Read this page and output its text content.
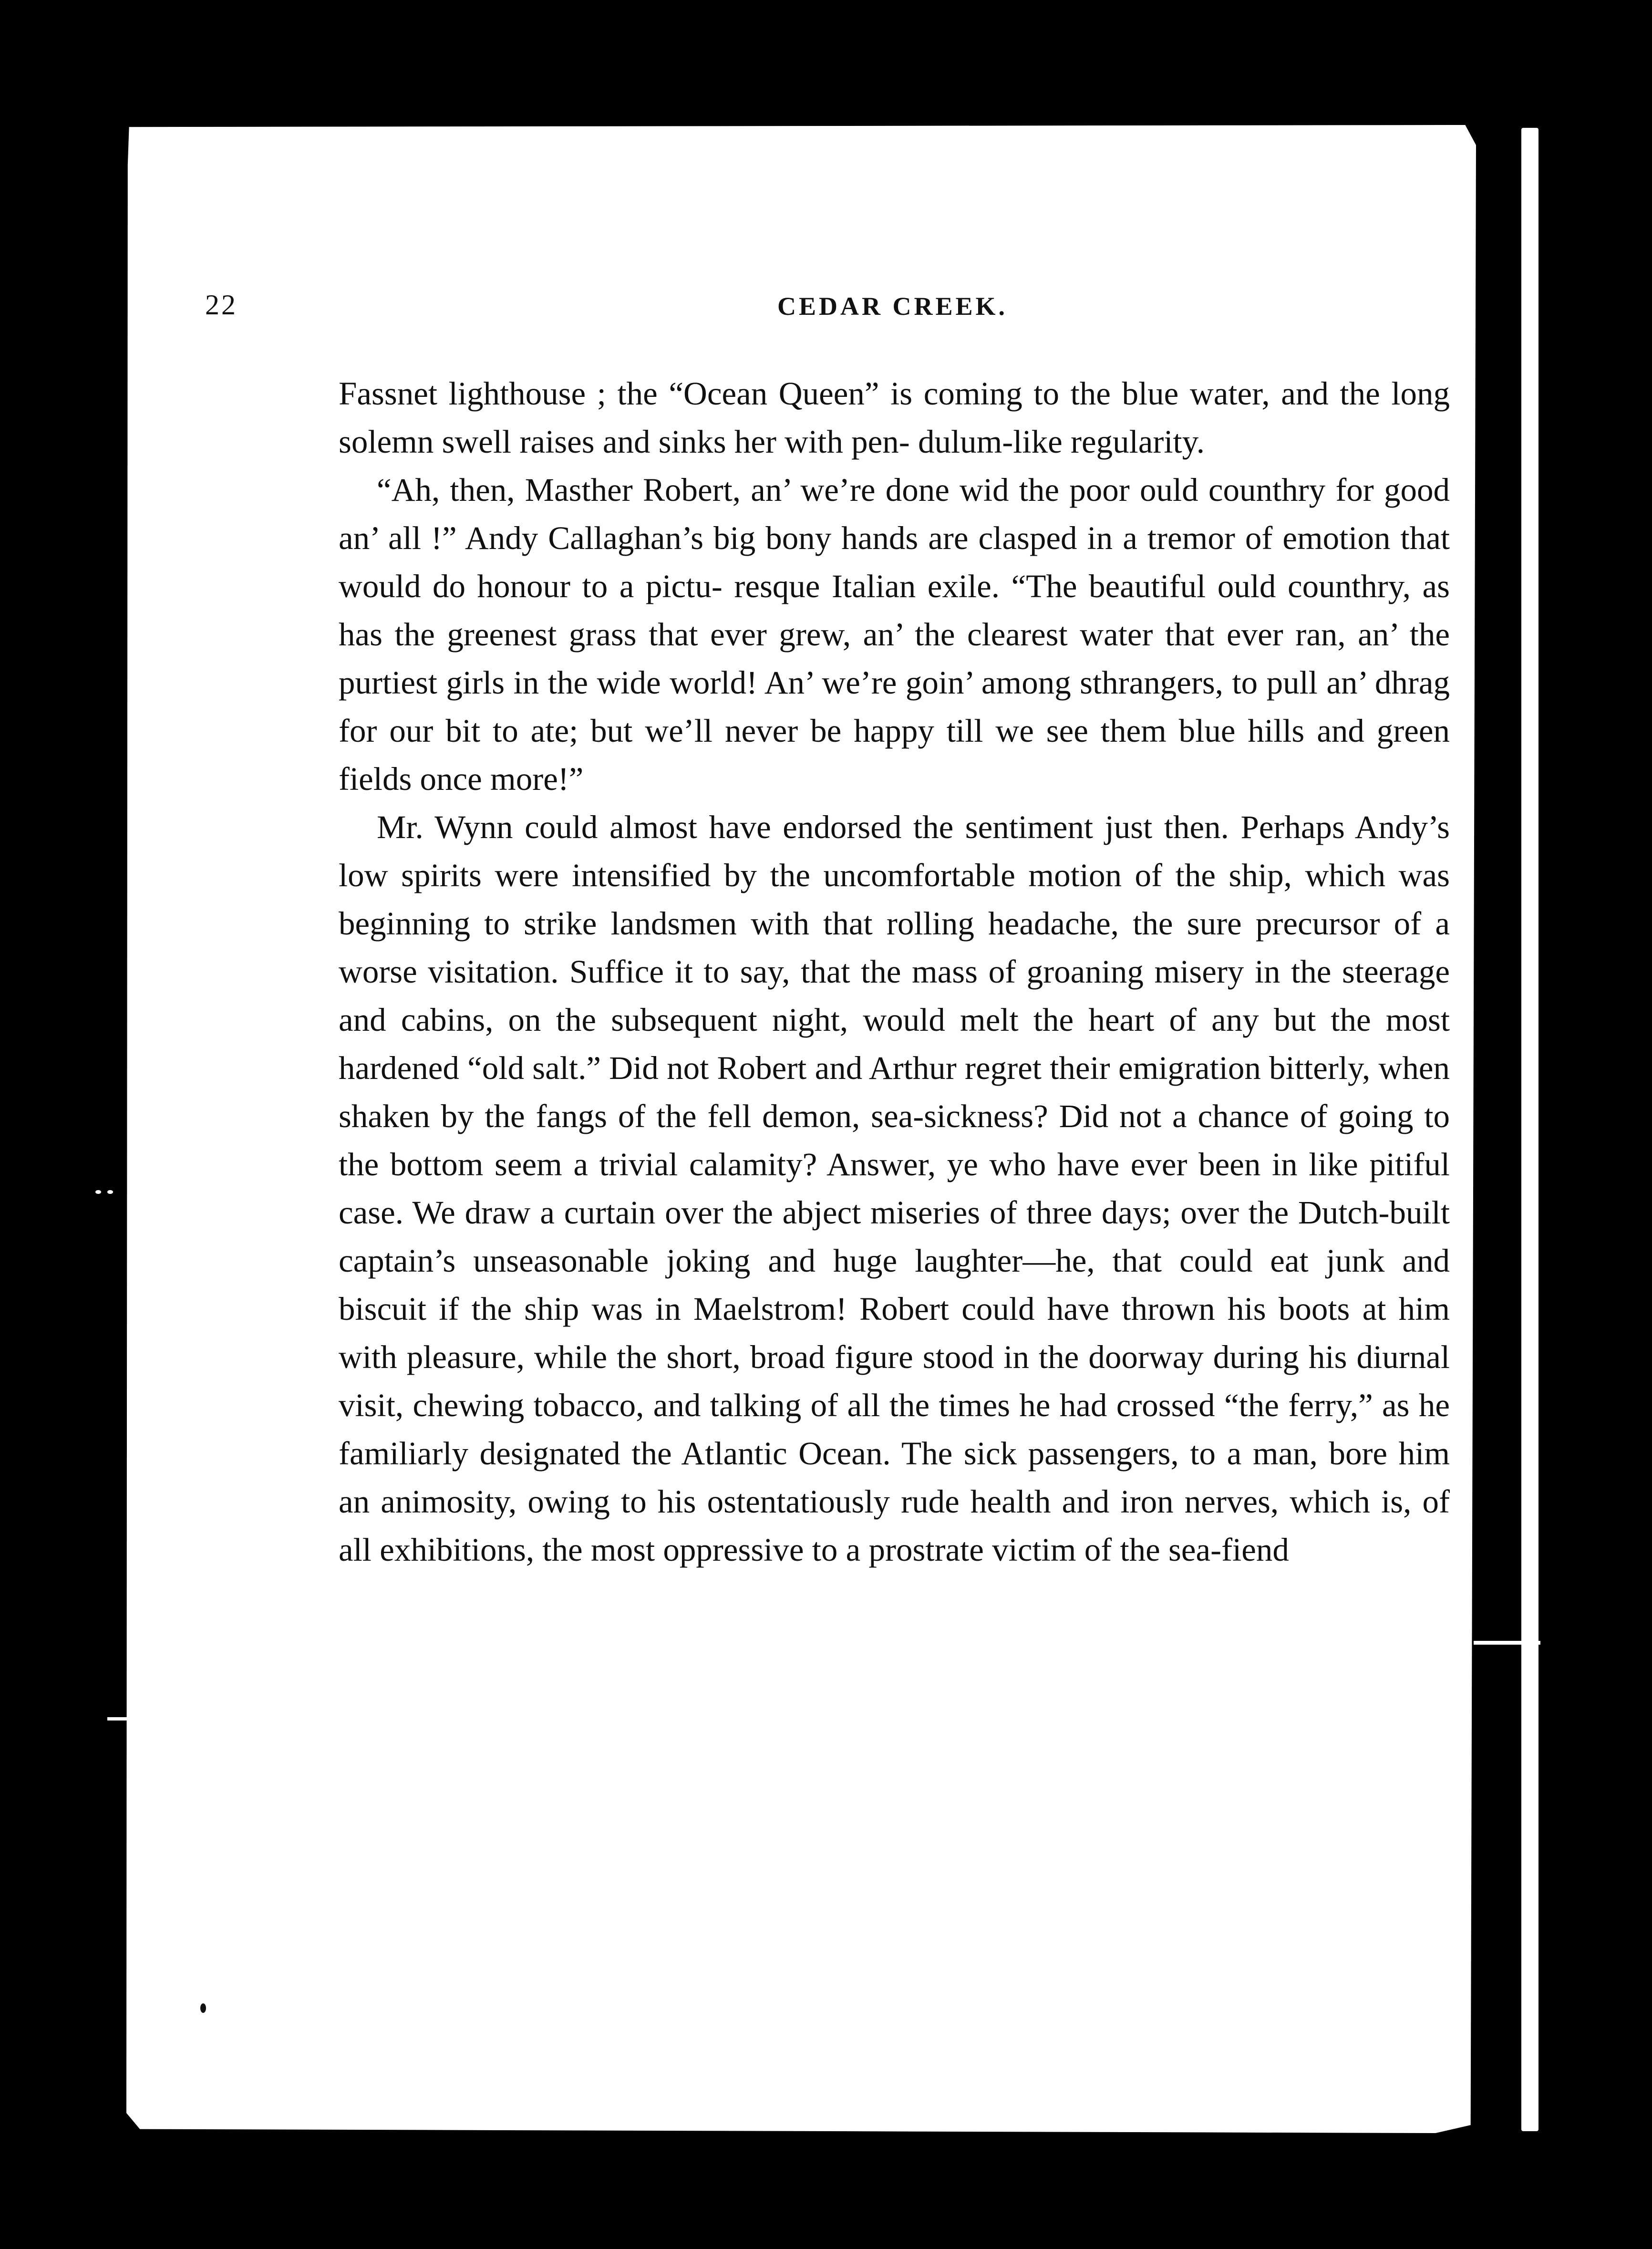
22	CEDAR CREEK.

Fassnet lighthouse ; the “Ocean Queen” is coming to the blue water, and the long solemn swell raises and sinks her with pen- dulum-like regularity.

“Ah, then, Masther Robert, an’ we’re done wid the poor ould counthry for good an’ all !” Andy Callaghan’s big bony hands are clasped in a tremor of emotion that would do honour to a pictu- resque Italian exile. “The beautiful ould counthry, as has the greenest grass that ever grew, an’ the clearest water that ever ran, an’ the purtiest girls in the wide world! An’ we’re goin’ among sthrangers, to pull an’ dhrag for our bit to ate; but we’ll never be happy till we see them blue hills and green fields once more!”

Mr. Wynn could almost have endorsed the sentiment just then. Perhaps Andy’s low spirits were intensified by the uncomfortable motion of the ship, which was beginning to strike landsmen with that rolling headache, the sure precursor of a worse visitation. Suffice it to say, that the mass of groaning misery in the steerage and cabins, on the subsequent night, would melt the heart of any but the most hardened “old salt.” Did not Robert and Arthur regret their emigration bitterly, when shaken by the fangs of the fell demon, sea-sickness? Did not a chance of going to the bottom seem a trivial calamity? Answer, ye who have ever been in like pitiful case. We draw a curtain over the abject miseries of three days; over the Dutch-built captain’s unseasonable joking and huge laughter—he, that could eat junk and biscuit if the ship was in Maelstrom! Robert could have thrown his boots at him with pleasure, while the short, broad figure stood in the doorway during his diurnal visit, chewing tobacco, and talking of all the times he had crossed “the ferry,” as he familiarly designated the Atlantic Ocean. The sick passengers, to a man, bore him an animosity, owing to his ostentatiously rude health and iron nerves, which is, of all exhibitions, the most oppressive to a prostrate victim of the sea-fiend
